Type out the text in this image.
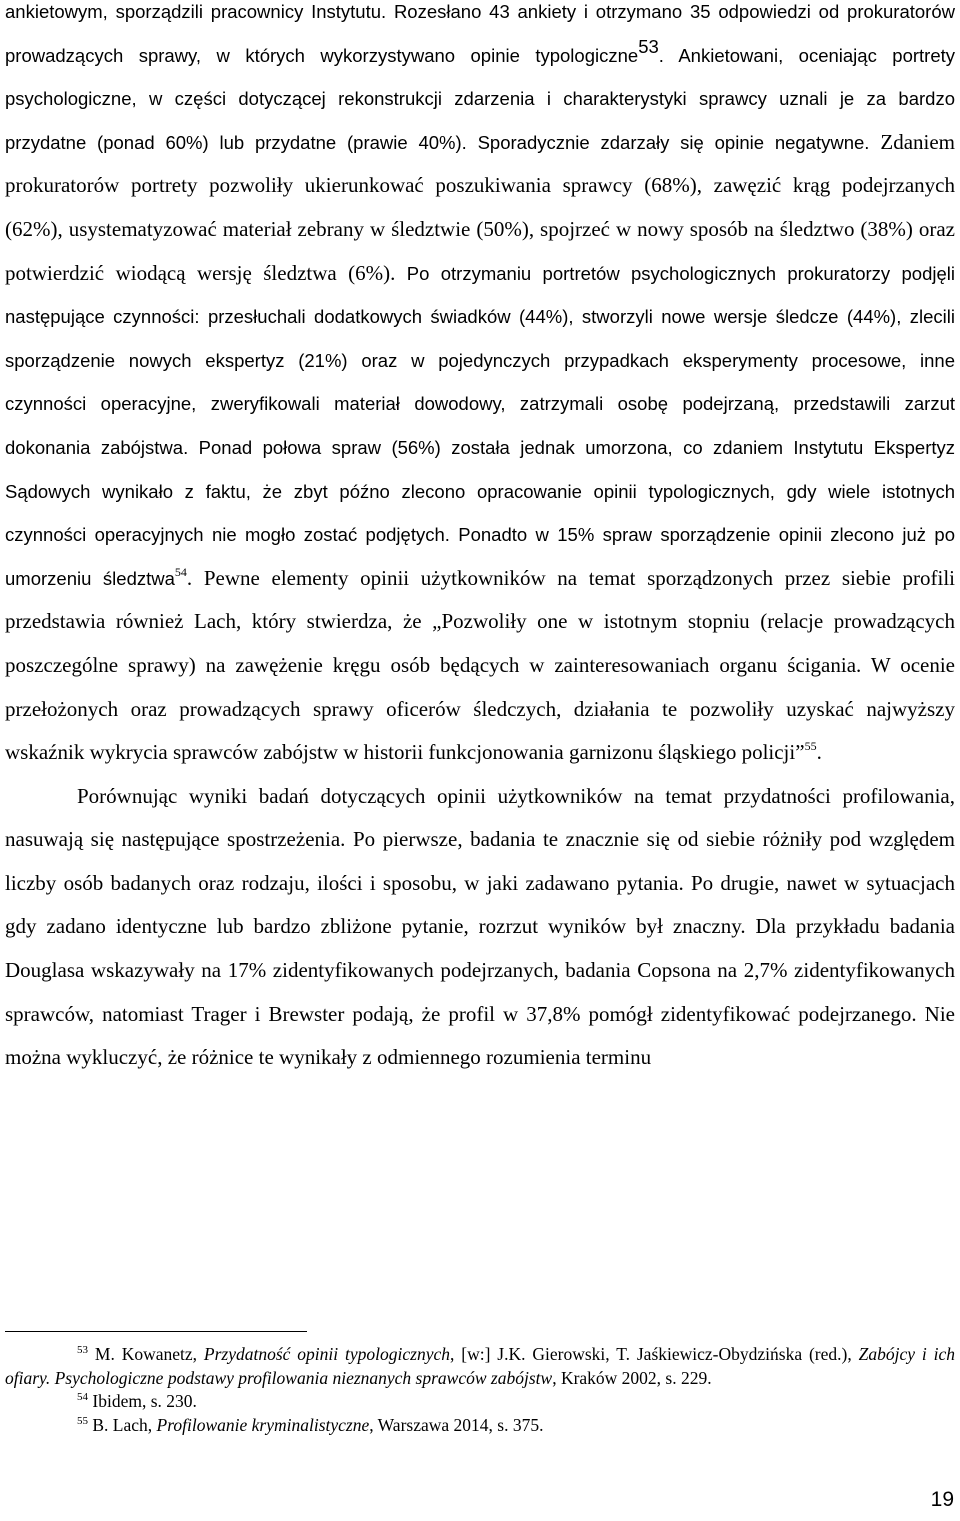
ankietowym, sporządzili pracownicy Instytutu. Rozesłano 43 ankiety i otrzymano 35 odpowiedzi od prokuratorów prowadzących sprawy, w których wykorzystywano opinie typologiczne$^{53}$. Ankietowani, oceniając portrety psychologiczne, w części dotyczącej rekonstrukcji zdarzenia i charakterystyki sprawcy uznali je za bardzo przydatne (ponad 60%) lub przydatne (prawie 40%). Sporadycznie zdarzały się opinie negatywne. Zdaniem prokuratorów portrety pozwoliły ukierunkować poszukiwania sprawcy (68%), zawęzić krąg podejrzanych (62%), usystematyzować materiał zebrany w śledztwie (50%), spojrzeć w nowy sposób na śledztwo (38%) oraz potwierdzić wiodącą wersję śledztwa (6%). Po otrzymaniu portretów psychologicznych prokuratorzy podjęli następujące czynności: przesłuchali dodatkowych świadków (44%), stworzyli nowe wersje śledcze (44%), zlecili sporządzenie nowych ekspertyz (21%) oraz w pojedynczych przypadkach eksperymenty procesowe, inne czynności operacyjne, zweryfikowali materiał dowodowy, zatrzymali osobę podejrzaną, przedstawili zarzut dokonania zabójstwa. Ponad połowa spraw (56%) została jednak umorzona, co zdaniem Instytutu Ekspertyz Sądowych wynikało z faktu, że zbyt późno zlecono opracowanie opinii typologicznych, gdy wiele istotnych czynności operacyjnych nie mogło zostać podjętych. Ponadto w 15% spraw sporządzenie opinii zlecono już po umorzeniu śledztwa$^{54}$. Pewne elementy opinii użytkowników na temat sporządzonych przez siebie profili przedstawia również Lach, który stwierdza, że „Pozwoliły one w istotnym stopniu (relacje prowadzących poszczególne sprawy) na zawężenie kręgu osób będących w zainteresowaniach organu ścigania. W ocenie przełożonych oraz prowadzących sprawy oficerów śledczych, działania te pozwoliły uzyskać najwyższy wskaźnik wykrycia sprawców zabójstw w historii funkcjonowania garnizonu śląskiego policji”$^{55}$.

Porównując wyniki badań dotyczących opinii użytkowników na temat przydatności profilowania, nasuwają się następujące spostrzeżenia. Po pierwsze, badania te znacznie się od siebie różniły pod względem liczby osób badanych oraz rodzaju, ilości i sposobu, w jaki zadawano pytania. Po drugie, nawet w sytuacjach gdy zadano identyczne lub bardzo zbliżone pytanie, rozrzut wyników był znaczny. Dla przykładu badania Douglasa wskazywały na 17% zidentyfikowanych podejrzanych, badania Copsona na 2,7% zidentyfikowanych sprawców, natomiast Trager i Brewster podają, że profil w 37,8% pomógł zidentyfikować podejrzanego. Nie można wykluczyć, że różnice te wynikały z odmiennego rozumienia terminu

$^{53}$ M. Kowanetz, Przydatność opinii typologicznych, [w:] J.K. Gierowski, T. Jaśkiewicz-Obydzińska (red.), Zabójcy i ich ofiary. Psychologiczne podstawy profilowania nieznanych sprawców zabójstw, Kraków 2002, s. 229.

$^{54}$ Ibidem, s. 230.

$^{55}$ B. Lach, Profilowanie kryminalistyczne, Warszawa 2014, s. 375.

19
